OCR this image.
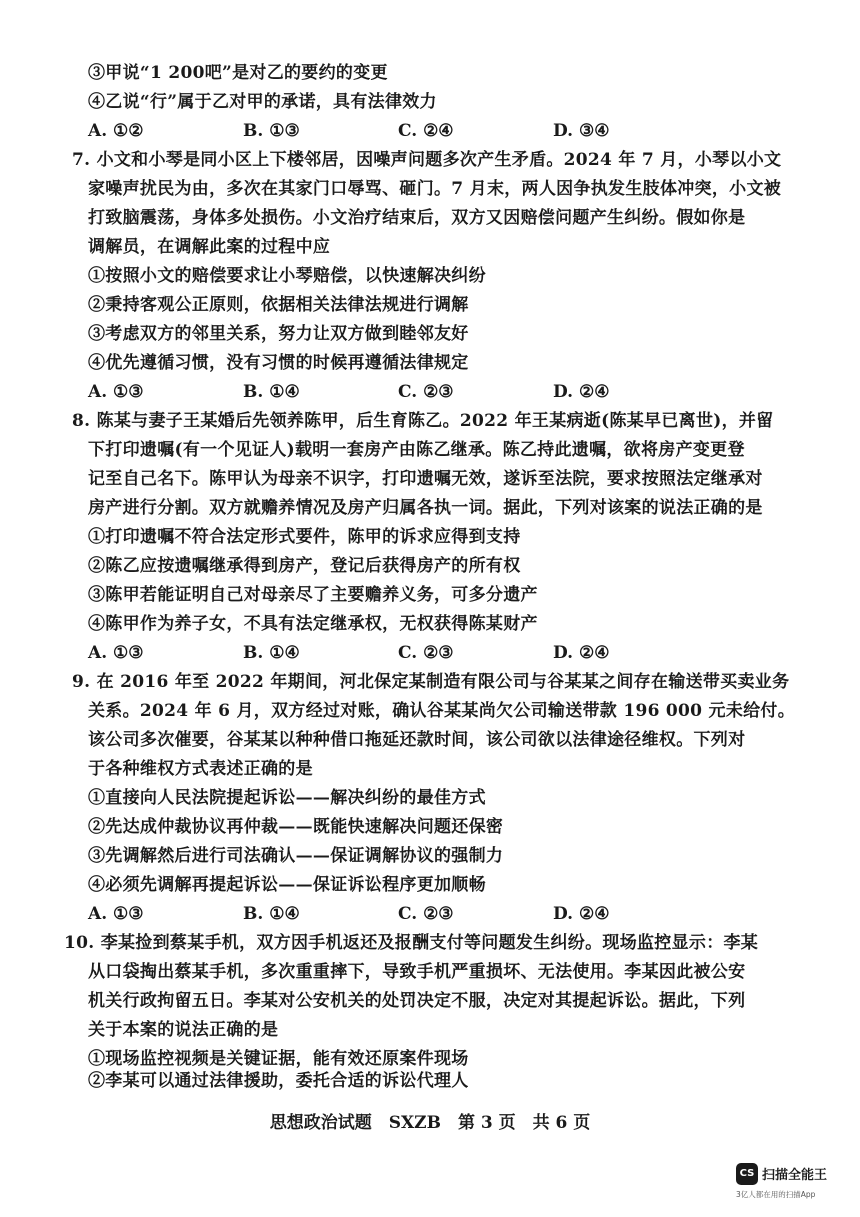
③甲说“1 200吧”是对乙的要约的变更
④乙说“行”属于乙对甲的承诺，具有法律效力
A. ①②	B. ①③	C. ②④	D. ③④
7. 小文和小琴是同小区上下楼邻居，因噪声问题多次产生矛盾。2024 年 7 月，小琴以小文
家噪声扰民为由，多次在其家门口辱骂、砸门。7 月末，两人因争执发生肢体冲突，小文被
打致脑震荡，身体多处损伤。小文治疗结束后，双方又因赔偿问题产生纠纷。假如你是
调解员，在调解此案的过程中应
①按照小文的赔偿要求让小琴赔偿，以快速解决纠纷
②秉持客观公正原则，依据相关法律法规进行调解
③考虑双方的邻里关系，努力让双方做到睦邻友好
④优先遵循习惯，没有习惯的时候再遵循法律规定
A. ①③	B. ①④	C. ②③	D. ②④
8. 陈某与妻子王某婚后先领养陈甲，后生育陈乙。2022 年王某病逝(陈某早已离世)，并留
下打印遗嘱(有一个见证人)载明一套房产由陈乙继承。陈乙持此遗嘱，欲将房产变更登
记至自己名下。陈甲认为母亲不识字，打印遗嘱无效，遂诉至法院，要求按照法定继承对
房产进行分割。双方就赡养情况及房产归属各执一词。据此，下列对该案的说法正确的是
①打印遗嘱不符合法定形式要件，陈甲的诉求应得到支持
②陈乙应按遗嘱继承得到房产，登记后获得房产的所有权
③陈甲若能证明自己对母亲尽了主要赡养义务，可多分遗产
④陈甲作为养子女，不具有法定继承权，无权获得陈某财产
A. ①③	B. ①④	C. ②③	D. ②④
9. 在 2016 年至 2022 年期间，河北保定某制造有限公司与谷某某之间存在输送带买卖业务
关系。2024 年 6 月，双方经过对账，确认谷某某尚欠公司输送带款 196 000 元未给付。
该公司多次催要，谷某某以种种借口拖延还款时间，该公司欲以法律途径维权。下列对
于各种维权方式表述正确的是
①直接向人民法院提起诉讼——解决纠纷的最佳方式
②先达成仲裁协议再仲裁——既能快速解决问题还保密
③先调解然后进行司法确认——保证调解协议的强制力
④必须先调解再提起诉讼——保证诉讼程序更加顺畅
A. ①③	B. ①④	C. ②③	D. ②④
10. 李某捡到蔡某手机，双方因手机返还及报酬支付等问题发生纠纷。现场监控显示：李某
从口袋掏出蔡某手机，多次重重摔下，导致手机严重损坏、无法使用。李某因此被公安
机关行政拘留五日。李某对公安机关的处罚决定不服，决定对其提起诉讼。据此，下列
关于本案的说法正确的是
①现场监控视频是关键证据，能有效还原案件现场
②李某可以通过法律援助，委托合适的诉讼代理人
思想政治试题　SXZB　第 3 页　共 6 页
CS 扫描全能王
3亿人都在用的扫描App
